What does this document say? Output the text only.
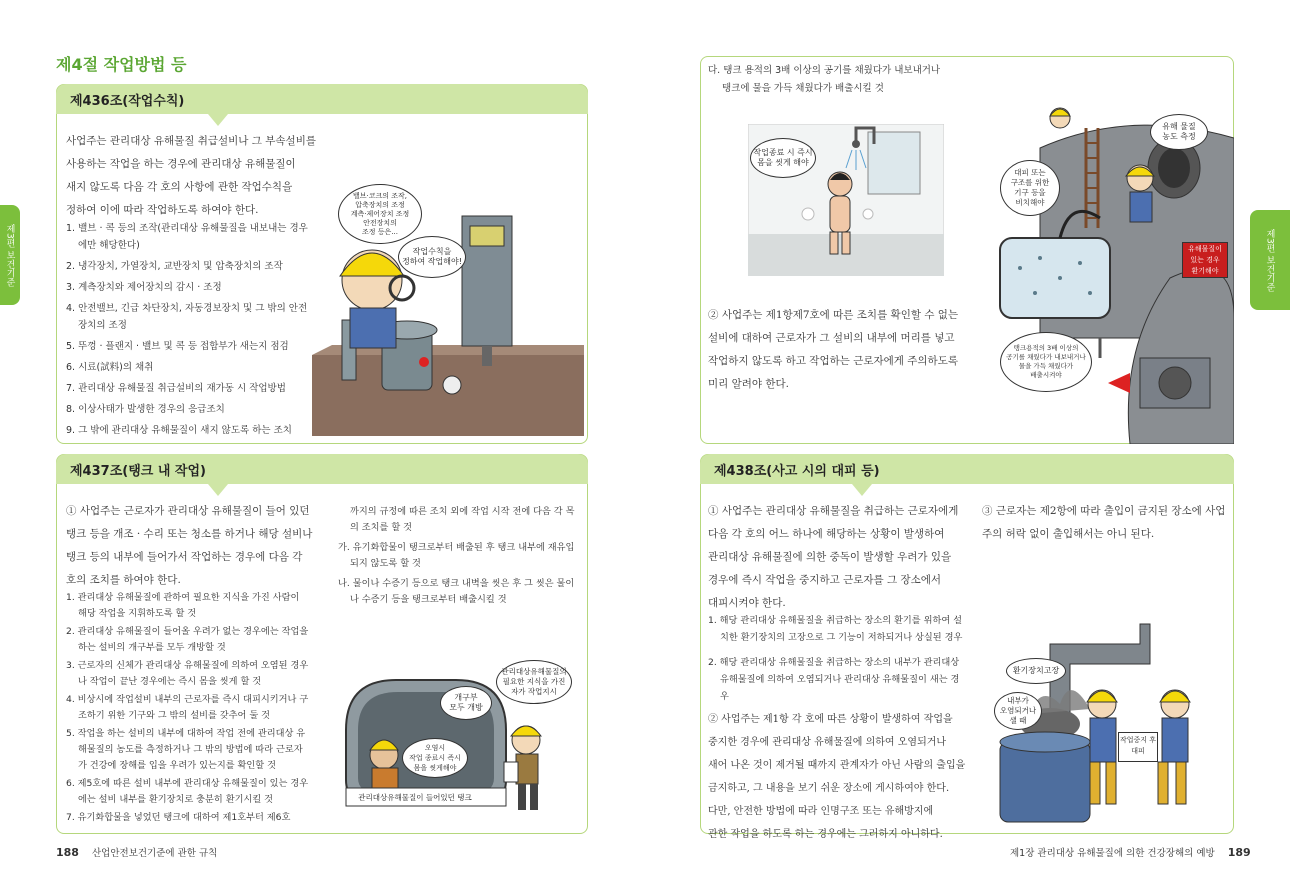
제4절 작업방법 등
제3편 보건기준
제436조(작업수칙)
사업주는 관리대상 유해물질 취급설비나 그 부속설비를
사용하는 작업을 하는 경우에 관리대상 유해물질이
새지 않도록 다음 각 호의 사항에 관한 작업수칙을
정하여 이에 따라 작업하도록 하여야 한다.
1. 밸브 · 콕 등의 조작(관리대상 유해물질을 내보내는 경우에만 해당한다)
2. 냉각장치, 가열장치, 교반장치 및 압축장치의 조작
3. 계측장치와 제어장치의 감시 · 조정
4. 안전밸브, 긴급 차단장치, 자동경보장치 및 그 밖의 안전장치의 조정
5. 뚜껑 · 플랜지 · 밸브 및 콕 등 접합부가 새는지 점검
6. 시료(試料)의 채취
7. 관리대상 유해물질 취급설비의 재가동 시 작업방법
8. 이상사태가 발생한 경우의 응급조치
9. 그 밖에 관리대상 유해물질이 새지 않도록 하는 조치
밸브·코크의 조작,
압축장치의 조정
계측·제어장치 조정
안전장치의
조정 등은...
작업수칙을
정하여 작업해야!
제437조(탱크 내 작업)
① 사업주는 근로자가 관리대상 유해물질이 들어 있던
탱크 등을 개조 · 수리 또는 청소를 하거나 해당 설비나
탱크 등의 내부에 들어가서 작업하는 경우에 다음 각
호의 조치를 하여야 한다.
1. 관리대상 유해물질에 관하여 필요한 지식을 가진 사람이 해당 작업을 지휘하도록 할 것
2. 관리대상 유해물질이 들어올 우려가 없는 경우에는 작업을 하는 설비의 개구부를 모두 개방할 것
3. 근로자의 신체가 관리대상 유해물질에 의하여 오염된 경우나 작업이 끝난 경우에는 즉시 몸을 씻게 할 것
4. 비상시에 작업설비 내부의 근로자를 즉시 대피시키거나 구조하기 위한 기구와 그 밖의 설비를 갖추어 둘 것
5. 작업을 하는 설비의 내부에 대하여 작업 전에 관리대상 유해물질의 농도를 측정하거나 그 밖의 방법에 따라 근로자가 건강에 장해를 입을 우려가 있는지를 확인할 것
6. 제5호에 따른 설비 내부에 관리대상 유해물질이 있는 경우에는 설비 내부를 환기장치로 충분히 환기시킬 것
7. 유기화합물을 넣었던 탱크에 대하여 제1호부터 제6호
까지의 규정에 따른 조치 외에 작업 시작 전에 다음 각 목의 조치를 할 것
가. 유기화합물이 탱크로부터 배출된 후 탱크 내부에 재유입되지 않도록 할 것
나. 물이나 수증기 등으로 탱크 내벽을 씻은 후 그 씻은 물이나 수증기 등을 탱크로부터 배출시킬 것
개구부
모두 개방
관리대상유해물질의
필요한 지식을 가진
자가 작업지시
오염시
작업 종료시 즉시
몸을 씻게해야
관리대상유해물질이 들어있던 탱크
188 산업안전보건기준에 관한 규칙
제3편 보건기준
다. 탱크 용적의 3배 이상의 공기를 채웠다가 내보내거나
탱크에 물을 가득 채웠다가 배출시킬 것
작업종료 시 즉시
몸을 씻게 해야
② 사업주는 제1항제7호에 따른 조치를 확인할 수 없는
설비에 대하여 근로자가 그 설비의 내부에 머리를 넣고
작업하지 않도록 하고 작업하는 근로자에게 주의하도록
미리 알려야 한다.
유해 물질
농도 측정
대피 또는
구조를 위한
기구 등을
비치해야
유해물질이
있는 경우
환기해야
탱크용적의 3배 이상의
공기를 채웠다가 내보내거나
물을 가득 채웠다가
배출시켜야
제438조(사고 시의 대피 등)
① 사업주는 관리대상 유해물질을 취급하는 근로자에게
다음 각 호의 어느 하나에 해당하는 상황이 발생하여
관리대상 유해물질에 의한 중독이 발생할 우려가 있을
경우에 즉시 작업을 중지하고 근로자를 그 장소에서
대피시켜야 한다.
1. 해당 관리대상 유해물질을 취급하는 장소의 환기를 위하여 설치한 환기장치의 고장으로 그 기능이 저하되거나 상실된 경우
2. 해당 관리대상 유해물질을 취급하는 장소의 내부가 관리대상 유해물질에 의하여 오염되거나 관리대상 유해물질이 새는 경우
② 사업주는 제1항 각 호에 따른 상황이 발생하여 작업을
중지한 경우에 관리대상 유해물질에 의하여 오염되거나
새어 나온 것이 제거될 때까지 관계자가 아닌 사람의 출입을
금지하고, 그 내용을 보기 쉬운 장소에 게시하여야 한다.
다만, 안전한 방법에 따라 인명구조 또는 유해방지에
관한 작업을 하도록 하는 경우에는 그러하지 아니하다.
③ 근로자는 제2항에 따라 출입이 금지된 장소에 사업
주의 허락 없이 출입해서는 아니 된다.
환기장치고장
내부가
오염되거나
샐 때
작업중지 후
대피
제1장 관리대상 유해물질에 의한 건강장해의 예방 189
